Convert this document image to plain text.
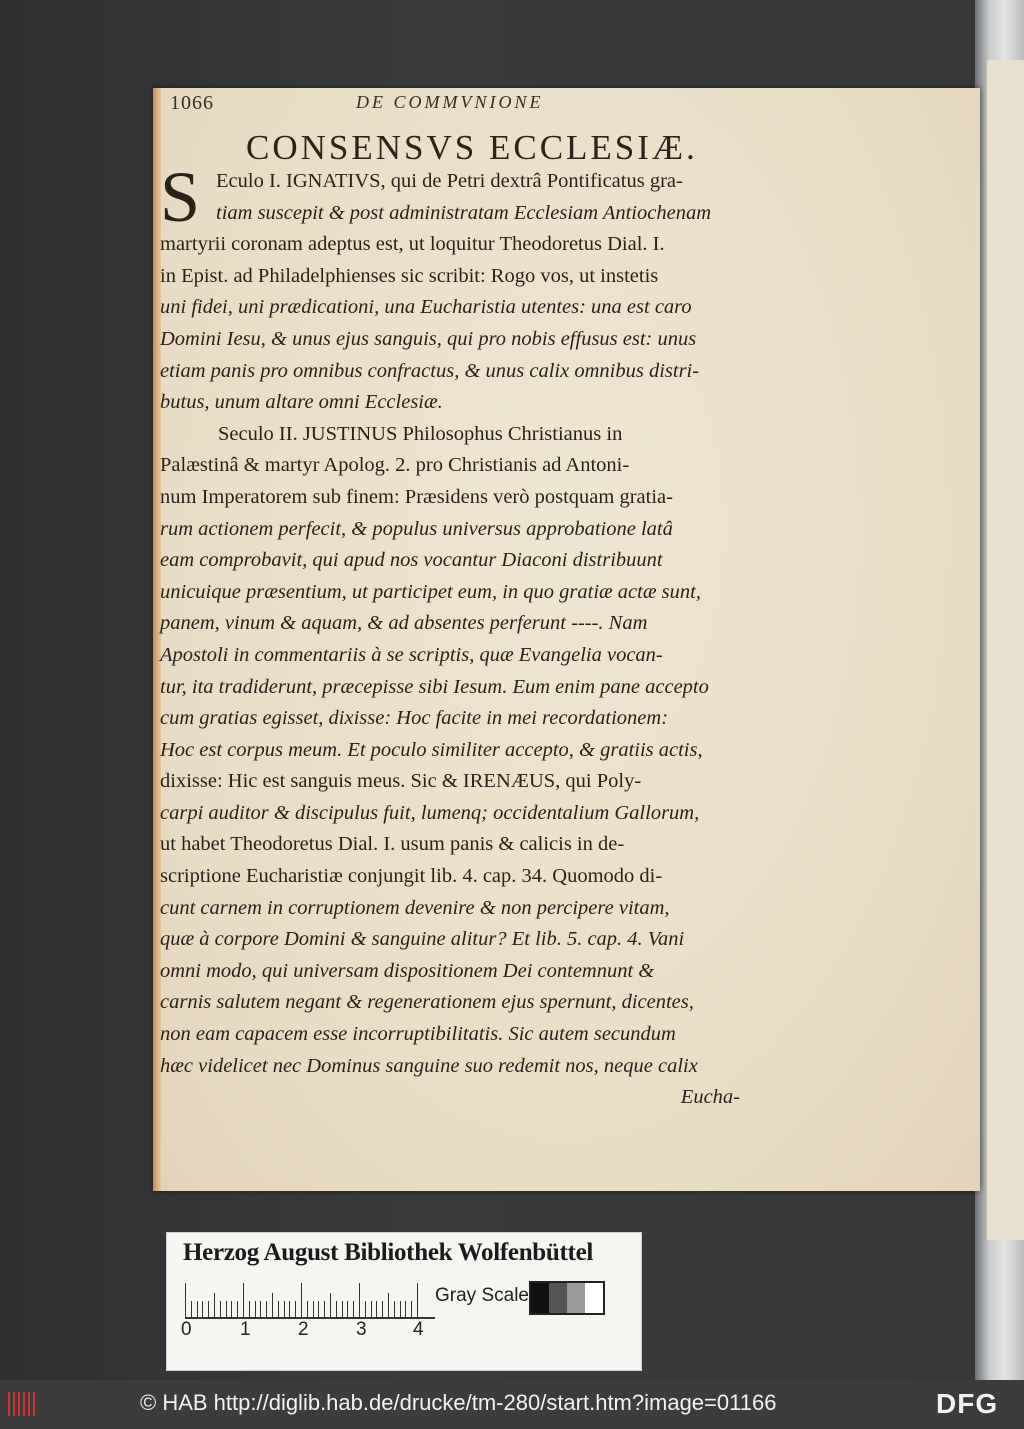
1066	DE COMMVNIONE
CONSENSVS ECCLESIÆ.
S Eculo I. IGNATIVS, qui de Petri dextrâ Pontificatus gra-
tiam suscepit & post administratam Ecclesiam Antiochenam
martyrii coronam adeptus est, ut loquitur Theodoretus Dial. I.
in Epist. ad Philadelphienses sic scribit: Rogo vos, ut instetis
uni fidei, uni prædicationi, una Eucharistia utentes: una est caro
Domini Iesu, & unus ejus sanguis, qui pro nobis effusus est: unus
etiam panis pro omnibus confractus, & unus calix omnibus distri-
butus, unum altare omni Ecclesiæ.
Seculo II. JUSTINUS Philosophus Christianus in
Palæstinâ & martyr Apolog. 2. pro Christianis ad Antoni-
num Imperatorem sub finem: Præsidens verò postquam gratia-
rum actionem perfecit, & populus universus approbatione latâ
eam comprobavit, qui apud nos vocantur Diaconi distribuunt
unicuique præsentium, ut participet eum, in quo gratiæ actæ sunt,
panem, vinum & aquam, & ad absentes perferunt ----. Nam
Apostoli in commentariis à se scriptis, quæ Evangelia vocan-
tur, ita tradiderunt, præcepisse sibi Iesum. Eum enim pane accepto
cum gratias egisset, dixisse: Hoc facite in mei recordationem:
Hoc est corpus meum. Et poculo similiter accepto, & gratiis actis,
dixisse: Hic est sanguis meus. Sic & IRENÆUS, qui Poly-
carpi auditor & discipulus fuit, lumenq; occidentalium Gallorum,
ut habet Theodoretus Dial. I. usum panis & calicis in de-
scriptione Eucharistiæ conjungit lib. 4. cap. 34. Quomodo di-
cunt carnem in corruptionem devenire & non percipere vitam,
quæ à corpore Domini & sanguine alitur? Et lib. 5. cap. 4. Vani
omni modo, qui universam dispositionem Dei contemnunt &
carnis salutem negant & regenerationem ejus spernunt, dicentes,
non eam capacem esse incorruptibilitatis. Sic autem secundum
hæc videlicet nec Dominus sanguine suo redemit nos, neque calix
Eucha-
Herzog August Bibliothek Wolfenbüttel
0	1 2 3 4
Gray Scale
© HAB http://diglib.hab.de/drucke/tm-280/start.htm?image=01166	DFG
